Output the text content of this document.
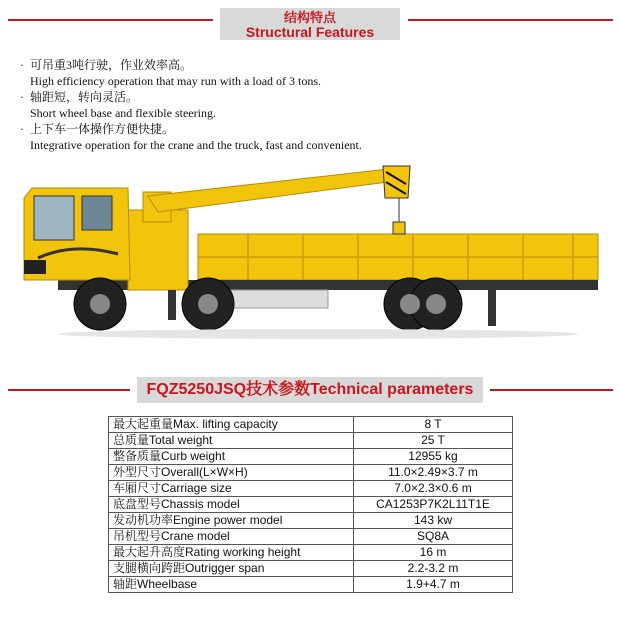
结构特点
Structural Features
· 可吊重3吨行驶，作业效率高。
High efficiency operation that may run with a load of 3 tons.
· 轴距短，转向灵活。
Short wheel base and flexible steering.
· 上下车一体操作方便快捷。
Integrative operation for the crane and the truck, fast and convenient.
FQZ5250JSQ技术参数Technical parameters
最大起重量Max. lifting capacity	8 T
总质量Total weight	25 T
整备质量Curb weight	12955 kg
外型尺寸Overall(L×W×H)	11.0×2.49×3.7 m
车厢尺寸Carriage size	7.0×2.3×0.6 m
底盘型号Chassis model	CA1253P7K2L11T1E
发动机功率Engine power model	143 kw
吊机型号Crane model	SQ8A
最大起升高度Rating working height	16 m
支腿横向跨距Outrigger span	2.2-3.2 m
轴距Wheelbase	1.9+4.7 m
